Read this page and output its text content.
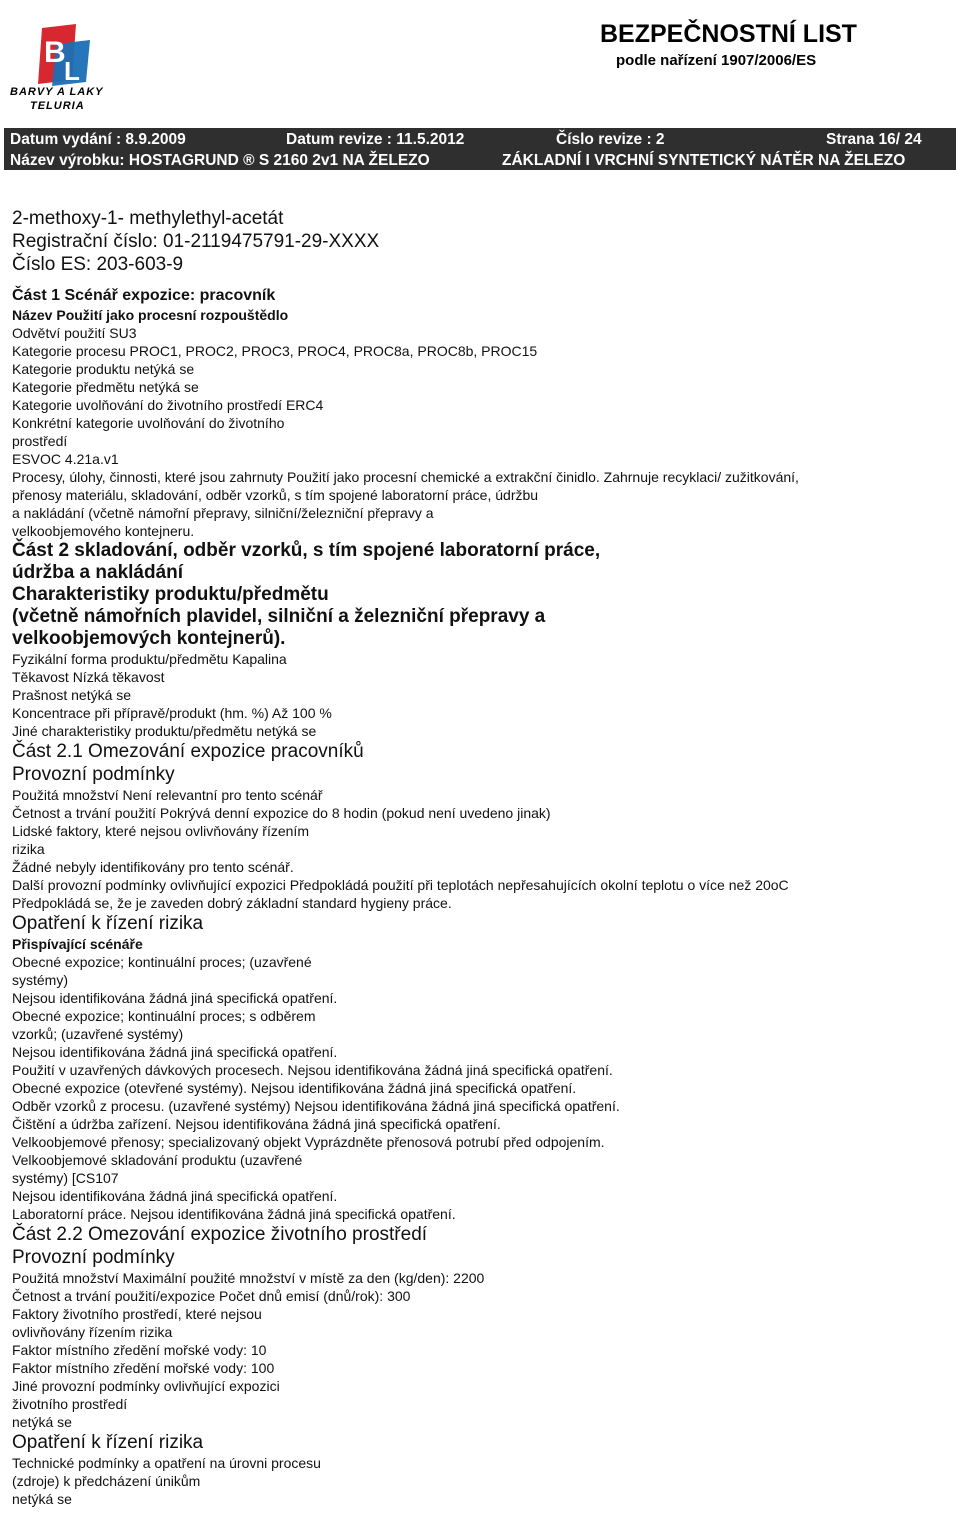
B
L
BARVY A LAKY
TELURIA
BEZPEČNOSTNÍ LIST
podle nařízení 1907/2006/ES
Datum vydání : 8.9.2009	Datum revize : 11.5.2012	Číslo revize : 2	Strana 16/ 24
Název výrobku: HOSTAGRUND ® S 2160 2v1 NA ŽELEZO	ZÁKLADNÍ I VRCHNÍ SYNTETICKÝ NÁTĚR NA ŽELEZO

2-methoxy-1- methylethyl-acetát

Registrační číslo: 01-2119475791-29-XXXX

Číslo ES: 203-603-9

Část 1 Scénář expozice: pracovník

Název Použití jako procesní rozpouštědlo

Odvětví použití SU3

Kategorie procesu PROC1, PROC2, PROC3, PROC4, PROC8a, PROC8b, PROC15

Kategorie produktu netýká se

Kategorie předmětu netýká se

Kategorie uvolňování do životního prostředí ERC4

Konkrétní kategorie uvolňování do životního

prostředí

ESVOC 4.21a.v1

Procesy, úlohy, činnosti, které jsou zahrnuty Použití jako procesní chemické a extrakční činidlo. Zahrnuje recyklaci/ zužitkování,

přenosy materiálu, skladování, odběr vzorků, s tím spojené laboratorní práce, údržbu

a nakládání (včetně námořní přepravy, silniční/železniční přepravy a

velkoobjemového kontejneru.

Část 2 skladování, odběr vzorků, s tím spojené laboratorní práce,

údržba a nakládání

Charakteristiky produktu/předmětu

(včetně námořních plavidel, silniční a železniční přepravy a

velkoobjemových kontejnerů).

Fyzikální forma produktu/předmětu Kapalina

Těkavost Nízká těkavost

Prašnost netýká se

Koncentrace při přípravě/produkt (hm. %) Až 100 %

Jiné charakteristiky produktu/předmětu netýká se

Část 2.1 Omezování expozice pracovníků

Provozní podmínky

Použitá množství Není relevantní pro tento scénář

Četnost a trvání použití Pokrývá denní expozice do 8 hodin (pokud není uvedeno jinak)

Lidské faktory, které nejsou ovlivňovány řízením

rizika

Žádné nebyly identifikovány pro tento scénář.

Další provozní podmínky ovlivňující expozici Předpokládá použití při teplotách nepřesahujících okolní teplotu o více než 20oC

Předpokládá se, že je zaveden dobrý základní standard hygieny práce.

Opatření k řízení rizika

Přispívající scénáře

Obecné expozice; kontinuální proces; (uzavřené

systémy)

Nejsou identifikována žádná jiná specifická opatření.

Obecné expozice; kontinuální proces; s odběrem

vzorků; (uzavřené systémy)

Nejsou identifikována žádná jiná specifická opatření.

Použití v uzavřených dávkových procesech. Nejsou identifikována žádná jiná specifická opatření.

Obecné expozice (otevřené systémy). Nejsou identifikována žádná jiná specifická opatření.

Odběr vzorků z procesu. (uzavřené systémy) Nejsou identifikována žádná jiná specifická opatření.

Čištění a údržba zařízení. Nejsou identifikována žádná jiná specifická opatření.

Velkoobjemové přenosy; specializovaný objekt Vyprázdněte přenosová potrubí před odpojením.

Velkoobjemové skladování produktu (uzavřené

systémy) [CS107

Nejsou identifikována žádná jiná specifická opatření.

Laboratorní práce. Nejsou identifikována žádná jiná specifická opatření.

Část 2.2 Omezování expozice životního prostředí

Provozní podmínky

Použitá množství Maximální použité množství v místě za den (kg/den): 2200

Četnost a trvání použití/expozice Počet dnů emisí (dnů/rok): 300

Faktory životního prostředí, které nejsou

ovlivňovány řízením rizika

Faktor místního zředění mořské vody: 10

Faktor místního zředění mořské vody: 100

Jiné provozní podmínky ovlivňující expozici

životního prostředí

netýká se

Opatření k řízení rizika

Technické podmínky a opatření na úrovni procesu

(zdroje) k předcházení únikům

netýká se
